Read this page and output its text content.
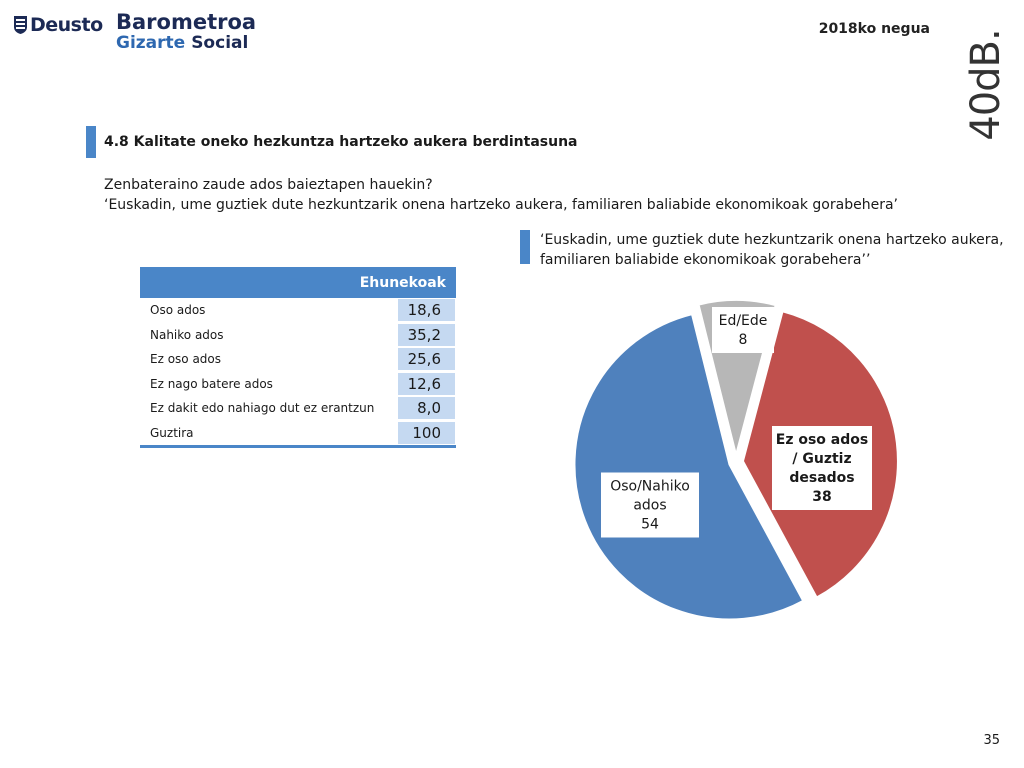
Deusto Barometroa
Gizarte Social
2018ko negua
40dB.
4.8 Kalitate oneko hezkuntza hartzeko aukera berdintasuna
Zenbateraino zaude ados baieztapen hauekin?
‘Euskadin, ume guztiek dute hezkuntzarik onena hartzeko aukera, familiaren baliabide ekonomikoak gorabehera’
Ehunekoak
Oso ados	18,6
Nahiko ados	35,2
Ez oso ados	25,6
Ez nago batere ados	12,6
Ez dakit edo nahiago dut ez erantzun	8,0
Guztira	100
‘Euskadin, ume guztiek dute hezkuntzarik onena hartzeko aukera, familiaren baliabide ekonomikoak gorabehera’’
Ed/Ede 8
Ez oso ados / Guztiz desados 38
Oso/Nahiko ados 54
35
